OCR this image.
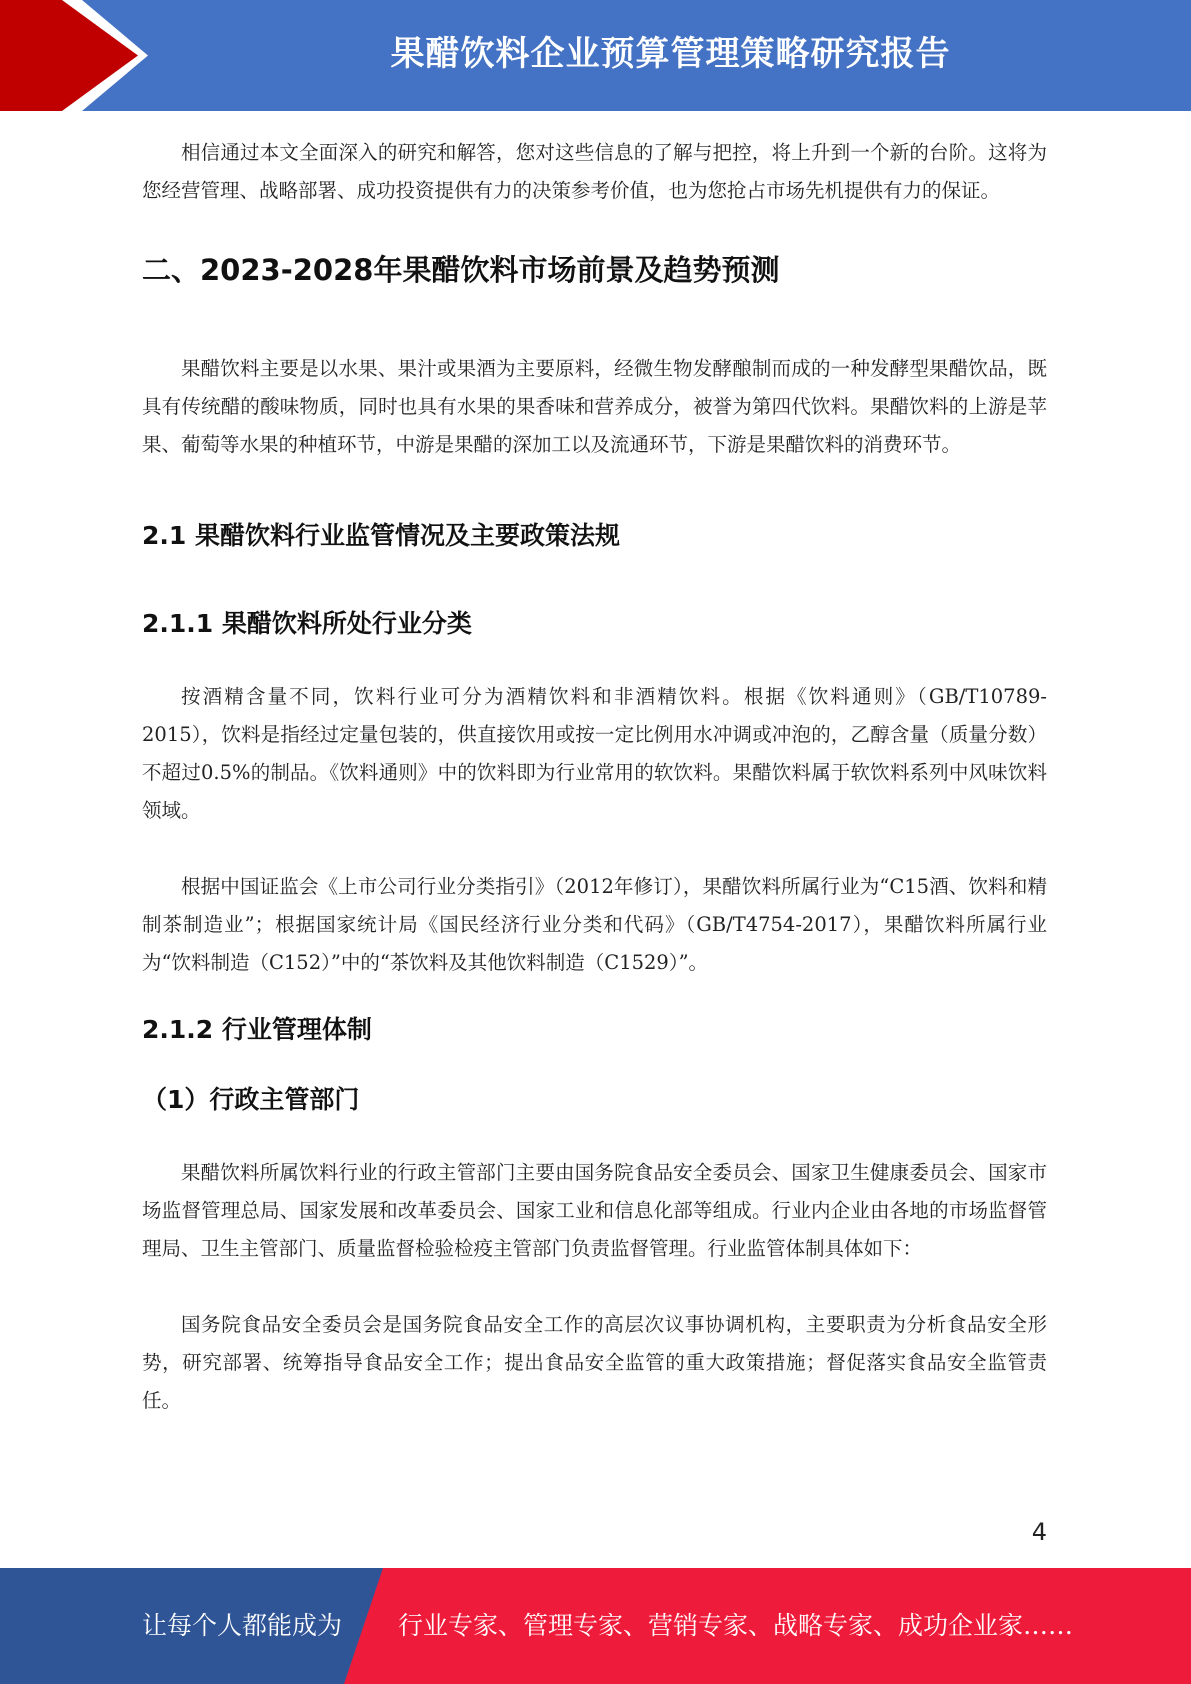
果醋饮料企业预算管理策略研究报告

相信通过本文全面深入的研究和解答，您对这些信息的了解与把控，将上升到一个新的台阶。这将为您经营管理、战略部署、成功投资提供有力的决策参考价值，也为您抢占市场先机提供有力的保证。

二、2023-2028年果醋饮料市场前景及趋势预测

果醋饮料主要是以水果、果汁或果酒为主要原料，经微生物发酵酿制而成的一种发酵型果醋饮品，既具有传统醋的酸味物质，同时也具有水果的果香味和营养成分，被誉为第四代饮料。果醋饮料的上游是苹果、葡萄等水果的种植环节，中游是果醋的深加工以及流通环节，下游是果醋饮料的消费环节。

2.1 果醋饮料行业监管情况及主要政策法规
2.1.1 果醋饮料所处行业分类

按酒精含量不同，饮料行业可分为酒精饮料和非酒精饮料。根据《饮料通则》（GB/T10789-2015），饮料是指经过定量包装的，供直接饮用或按一定比例用水冲调或冲泡的，乙醇含量（质量分数）不超过0.5%的制品。《饮料通则》中的饮料即为行业常用的软饮料。果醋饮料属于软饮料系列中风味饮料领域。

根据中国证监会《上市公司行业分类指引》（2012年修订），果醋饮料所属行业为“C15酒、饮料和精制茶制造业”；根据国家统计局《国民经济行业分类和代码》（GB/T4754-2017），果醋饮料所属行业为“饮料制造（C152）”中的“茶饮料及其他饮料制造（C1529）”。

2.1.2 行业管理体制
（1）行政主管部门

果醋饮料所属饮料行业的行政主管部门主要由国务院食品安全委员会、国家卫生健康委员会、国家市场监督管理总局、国家发展和改革委员会、国家工业和信息化部等组成。行业内企业由各地的市场监督管理局、卫生主管部门、质量监督检验检疫主管部门负责监督管理。行业监管体制具体如下：

国务院食品安全委员会是国务院食品安全工作的高层次议事协调机构，主要职责为分析食品安全形势，研究部署、统筹指导食品安全工作；提出食品安全监管的重大政策措施；督促落实食品安全监管责任。

4
让每个人都能成为 行业专家、管理专家、营销专家、战略专家、成功企业家……
